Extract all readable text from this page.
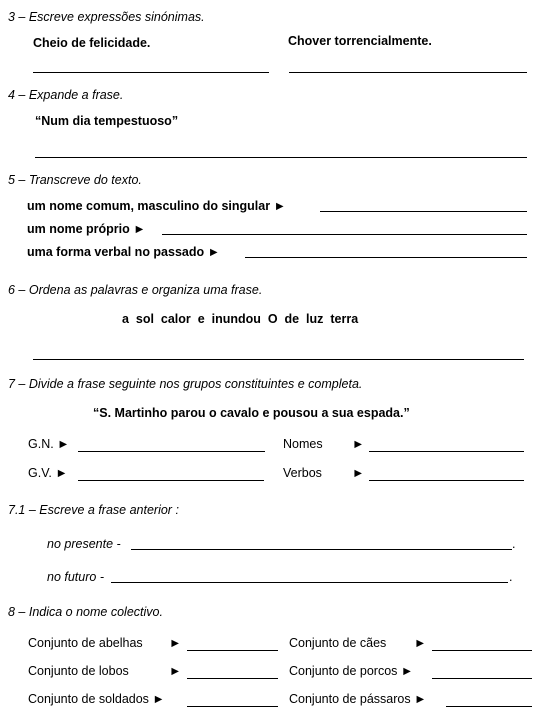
3 – Escreve expressões sinónimas.
Cheio de felicidade.	Chover torrencialmente.
4 – Expande a frase.
“Num dia tempestuoso”
5 – Transcreve do texto.
um nome comum, masculino do singular ►
um nome próprio ►
uma forma verbal no passado ►
6 – Ordena as palavras e organiza uma frase.
a  sol  calor  e  inundou  O  de  luz  terra
7 – Divide a frase seguinte nos grupos constituintes e completa.
“S. Martinho parou o cavalo e pousou a sua espada.”
G.N. ►	Nomes ►
G.V. ►	Verbos ►
7.1 – Escreve a frase anterior :
no presente -	.
no futuro -	.
8 – Indica o nome colectivo.
Conjunto de abelhas ►	Conjunto de cães ►
Conjunto de lobos	►	Conjunto de porcos ►
Conjunto de soldados ►	Conjunto de pássaros ►
